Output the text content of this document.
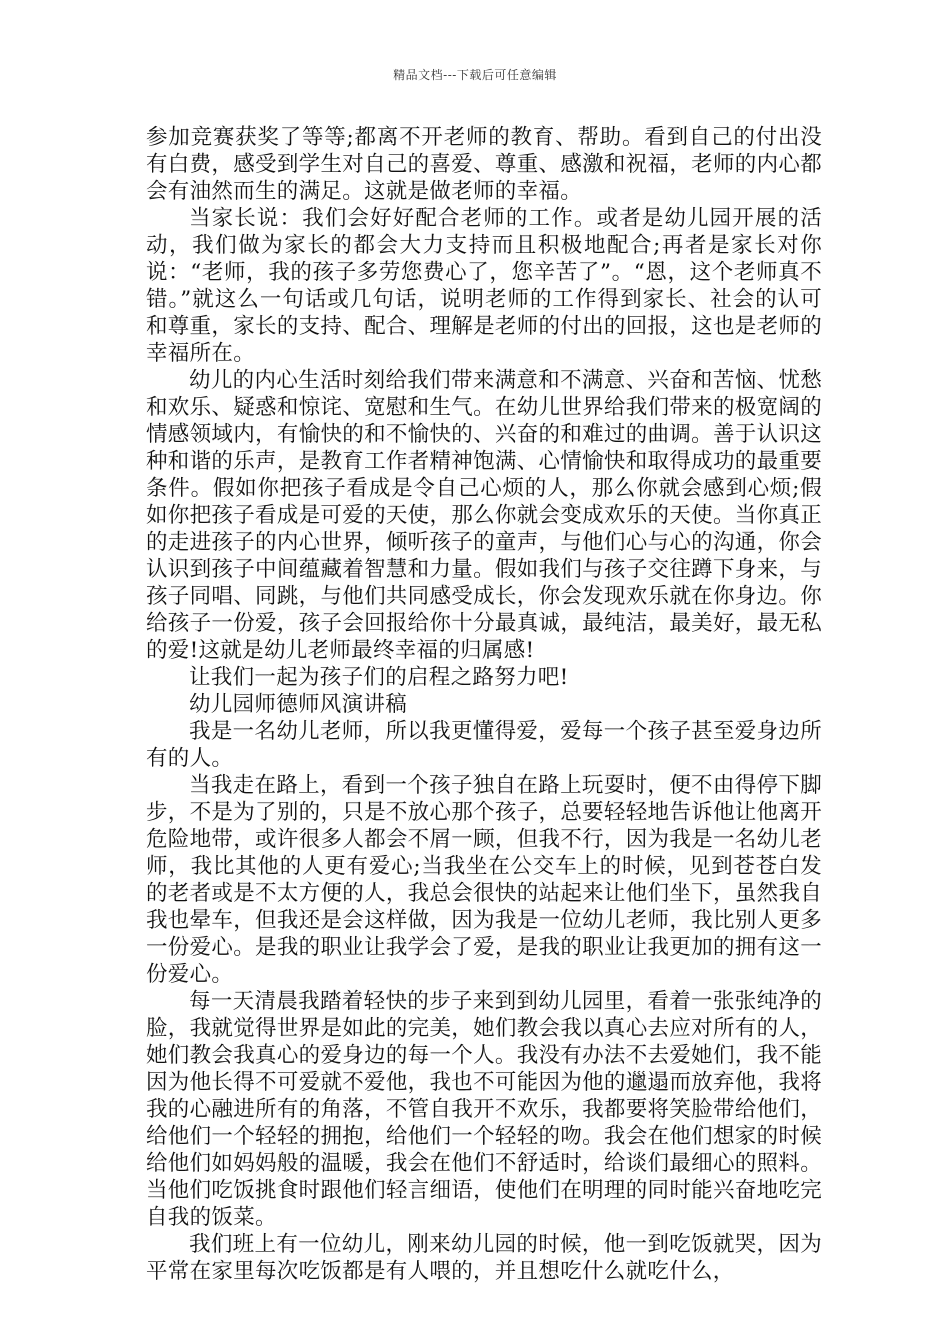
精品文档---下载后可任意编辑

参加竞赛获奖了等等;都离不开老师的教育、帮助。看到自己的付出没有白费，感受到学生对自己的喜爱、尊重、感激和祝福，老师的内心都会有油然而生的满足。这就是做老师的幸福。

当家长说：我们会好好配合老师的工作。或者是幼儿园开展的活动，我们做为家长的都会大力支持而且积极地配合;再者是家长对你说：“老师，我的孩子多劳您费心了，您辛苦了”。“恩，这个老师真不错。”就这么一句话或几句话，说明老师的工作得到家长、社会的认可和尊重，家长的支持、配合、理解是老师的付出的回报，这也是老师的幸福所在。

幼儿的内心生活时刻给我们带来满意和不满意、兴奋和苦恼、忧愁和欢乐、疑惑和惊诧、宽慰和生气。在幼儿世界给我们带来的极宽阔的情感领域内，有愉快的和不愉快的、兴奋的和难过的曲调。善于认识这种和谐的乐声，是教育工作者精神饱满、心情愉快和取得成功的最重要条件。假如你把孩子看成是令自己心烦的人，那么你就会感到心烦;假如你把孩子看成是可爱的天使，那么你就会变成欢乐的天使。当你真正的走进孩子的内心世界，倾听孩子的童声，与他们心与心的沟通，你会认识到孩子中间蕴藏着智慧和力量。假如我们与孩子交往蹲下身来，与孩子同唱、同跳，与他们共同感受成长，你会发现欢乐就在你身边。你给孩子一份爱，孩子会回报给你十分最真诚，最纯洁，最美好，最无私的爱!这就是幼儿老师最终幸福的归属感!

让我们一起为孩子们的启程之路努力吧!

幼儿园师德师风演讲稿

我是一名幼儿老师，所以我更懂得爱，爱每一个孩子甚至爱身边所有的人。

当我走在路上，看到一个孩子独自在路上玩耍时，便不由得停下脚步，不是为了别的，只是不放心那个孩子，总要轻轻地告诉他让他离开危险地带，或许很多人都会不屑一顾，但我不行，因为我是一名幼儿老师，我比其他的人更有爱心;当我坐在公交车上的时候，见到苍苍白发的老者或是不太方便的人，我总会很快的站起来让他们坐下，虽然我自我也晕车，但我还是会这样做，因为我是一位幼儿老师，我比别人更多一份爱心。是我的职业让我学会了爱，是我的职业让我更加的拥有这一份爱心。

每一天清晨我踏着轻快的步子来到到幼儿园里，看着一张张纯净的脸，我就觉得世界是如此的完美，她们教会我以真心去应对所有的人，她们教会我真心的爱身边的每一个人。我没有办法不去爱她们，我不能因为他长得不可爱就不爱他，我也不可能因为他的邋遢而放弃他，我将我的心融进所有的角落，不管自我开不欢乐，我都要将笑脸带给他们，给他们一个轻轻的拥抱，给他们一个轻轻的吻。我会在他们想家的时候给他们如妈妈般的温暖，我会在他们不舒适时，给谈们最细心的照料。当他们吃饭挑食时跟他们轻言细语，使他们在明理的同时能兴奋地吃完自我的饭菜。

我们班上有一位幼儿，刚来幼儿园的时候，他一到吃饭就哭，因为平常在家里每次吃饭都是有人喂的，并且想吃什么就吃什么，
